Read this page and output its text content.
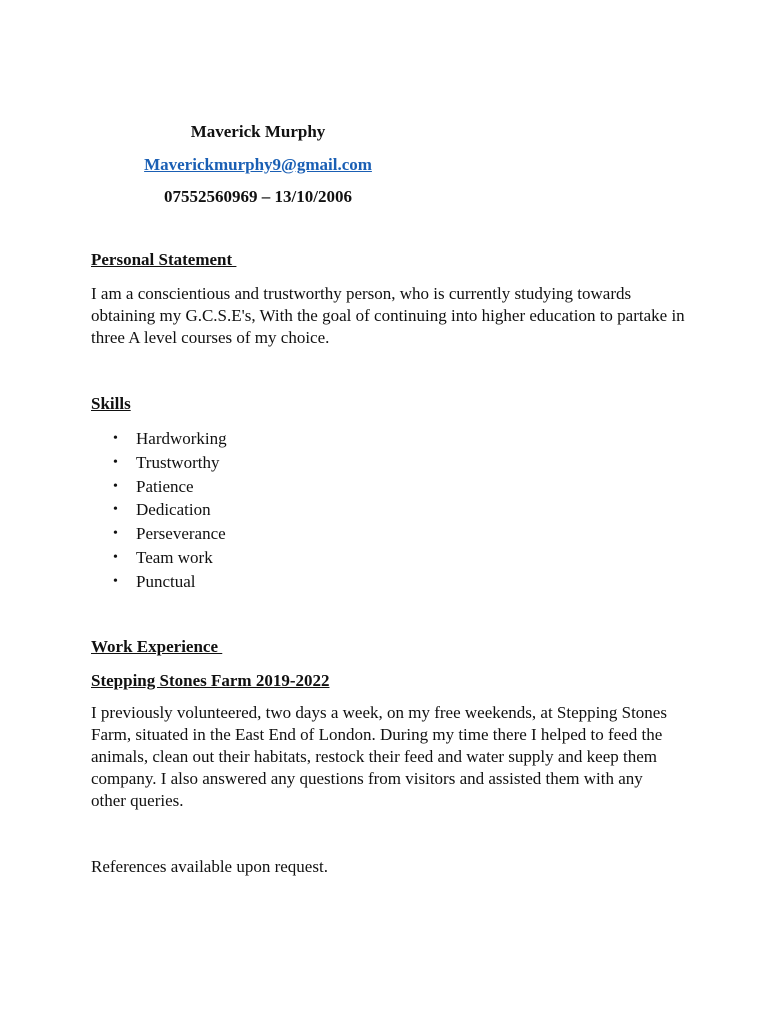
Maverick Murphy
Maverickmurphy9@gmail.com
07552560969 – 13/10/2006
Personal Statement

I am a conscientious and trustworthy person, who is currently studying towards obtaining my G.C.S.E's, With the goal of continuing into higher education to partake in three A level courses of my choice.

Skills
• Hardworking
• Trustworthy
• Patience
• Dedication
• Perseverance
• Team work
• Punctual
Work Experience
Stepping Stones Farm 2019-2022

I previously volunteered, two days a week, on my free weekends, at Stepping Stones Farm, situated in the East End of London. During my time there I helped to feed the animals, clean out their habitats, restock their feed and water supply and keep them company. I also answered any questions from visitors and assisted them with any other queries.

References available upon request.
